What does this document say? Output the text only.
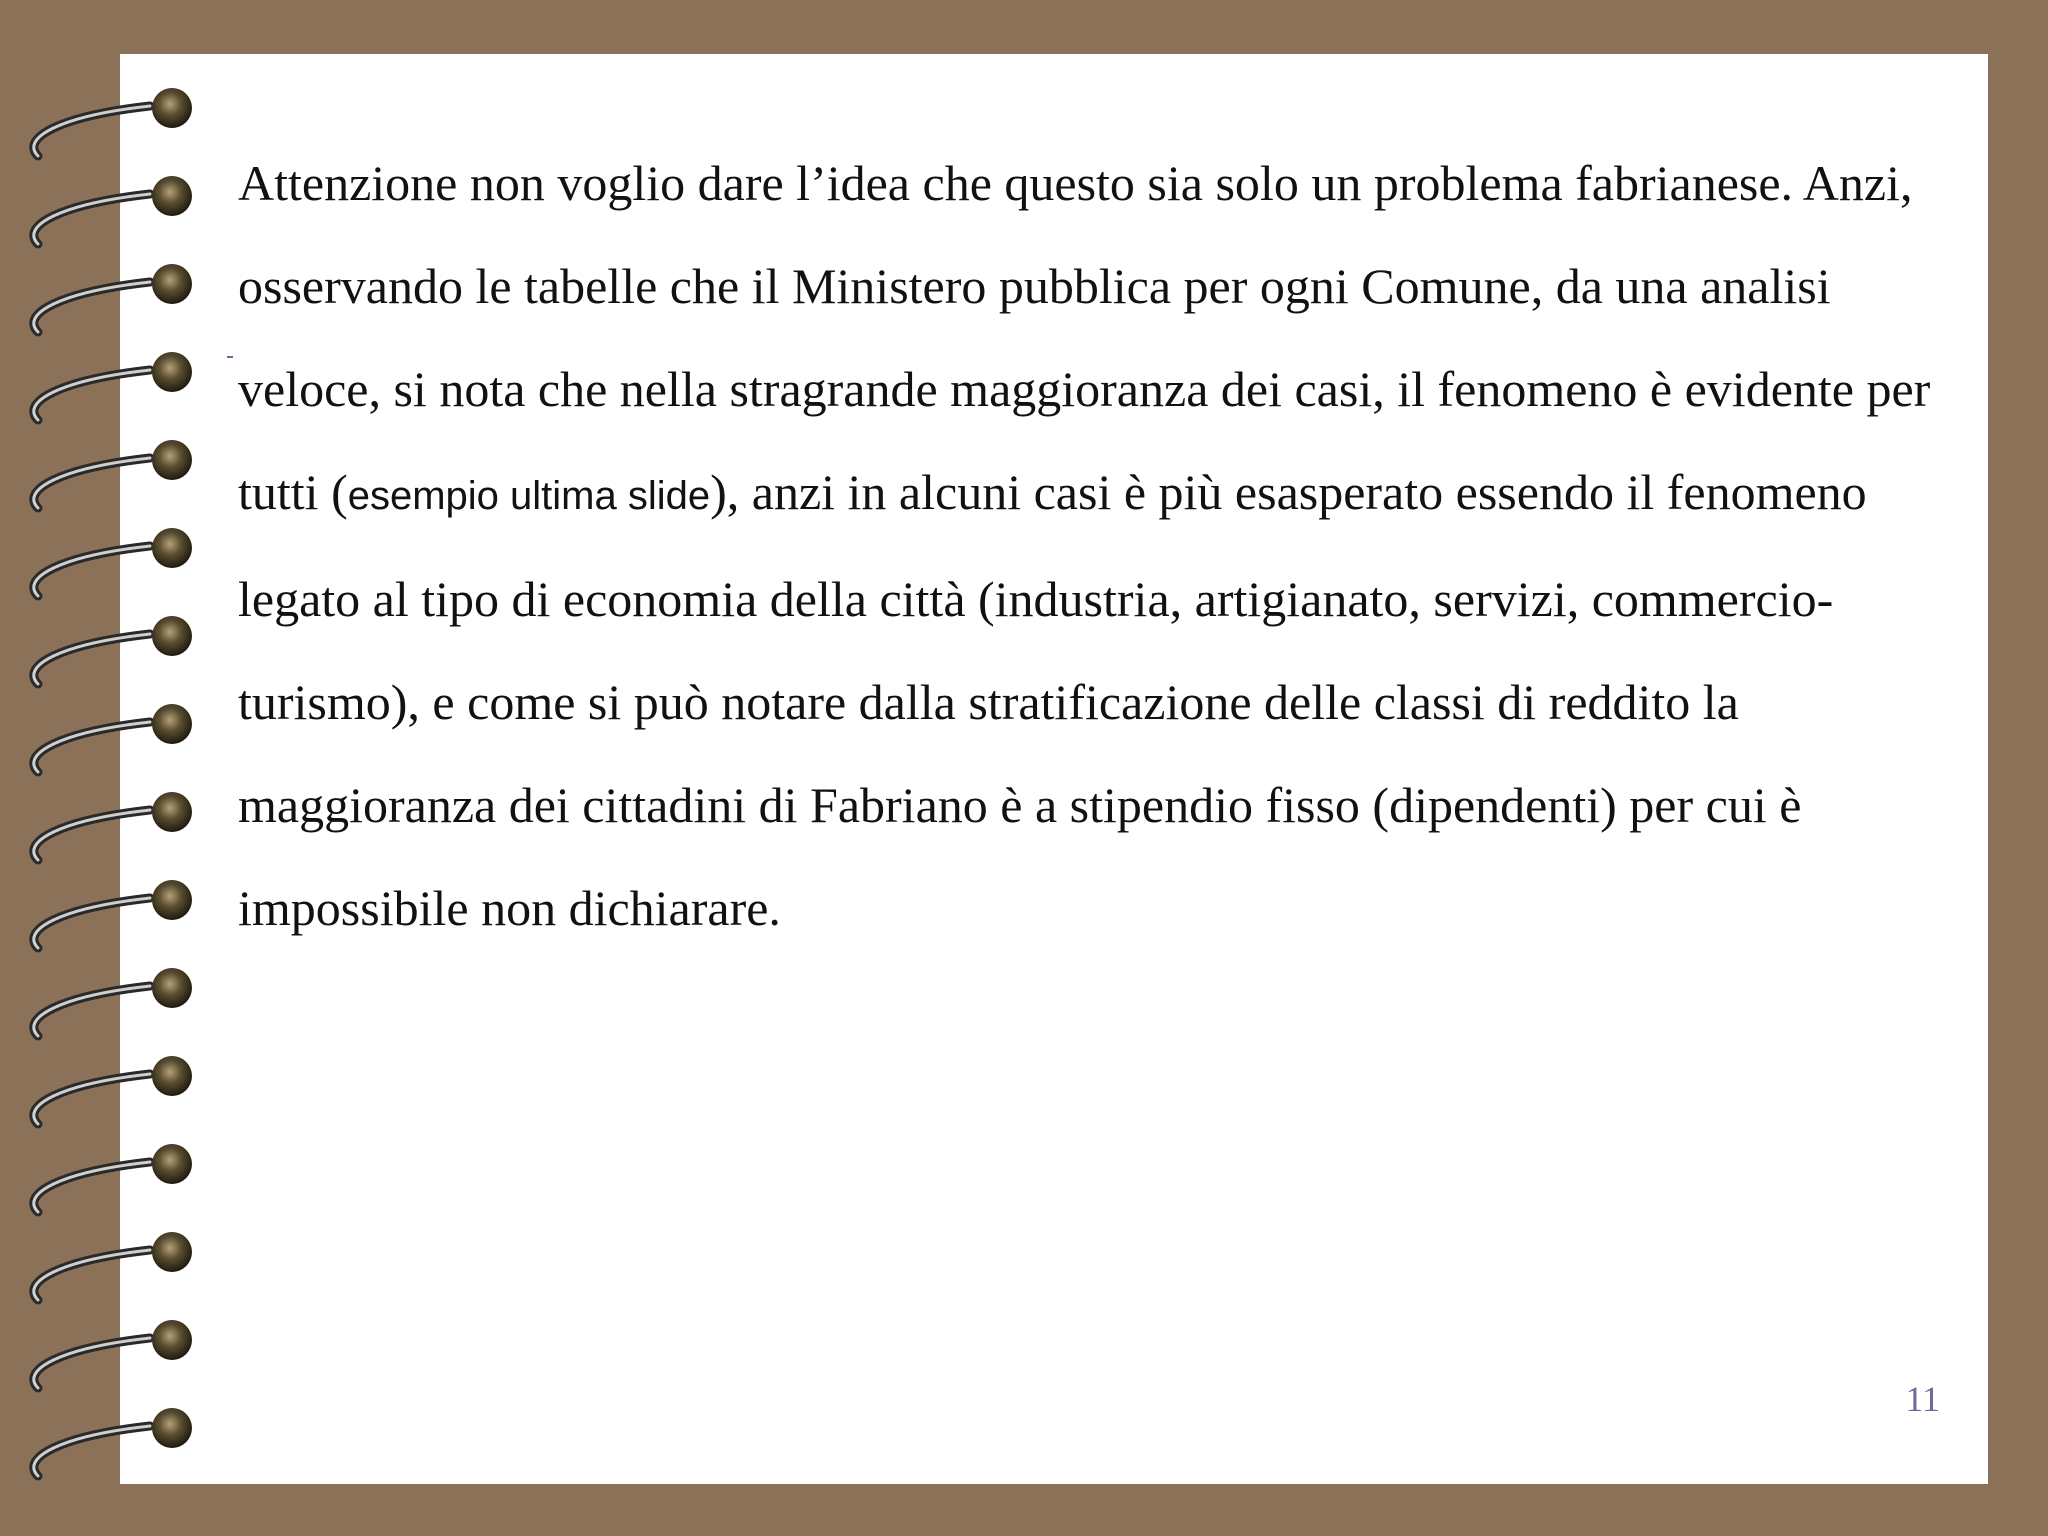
Attenzione non voglio dare l’idea che questo sia solo un problema fabrianese. Anzi, osservando le tabelle che il Ministero pubblica per ogni Comune, da una analisi veloce, si nota che nella stragrande maggioranza dei casi, il fenomeno è evidente per tutti (esempio ultima slide), anzi in alcuni casi è più esasperato essendo il fenomeno legato al tipo di economia della città (industria, artigianato, servizi, commercio-turismo), e come si può notare dalla stratificazione delle classi di reddito la maggioranza dei cittadini di Fabriano è a stipendio fisso (dipendenti) per cui è impossibile non dichiarare.

11
